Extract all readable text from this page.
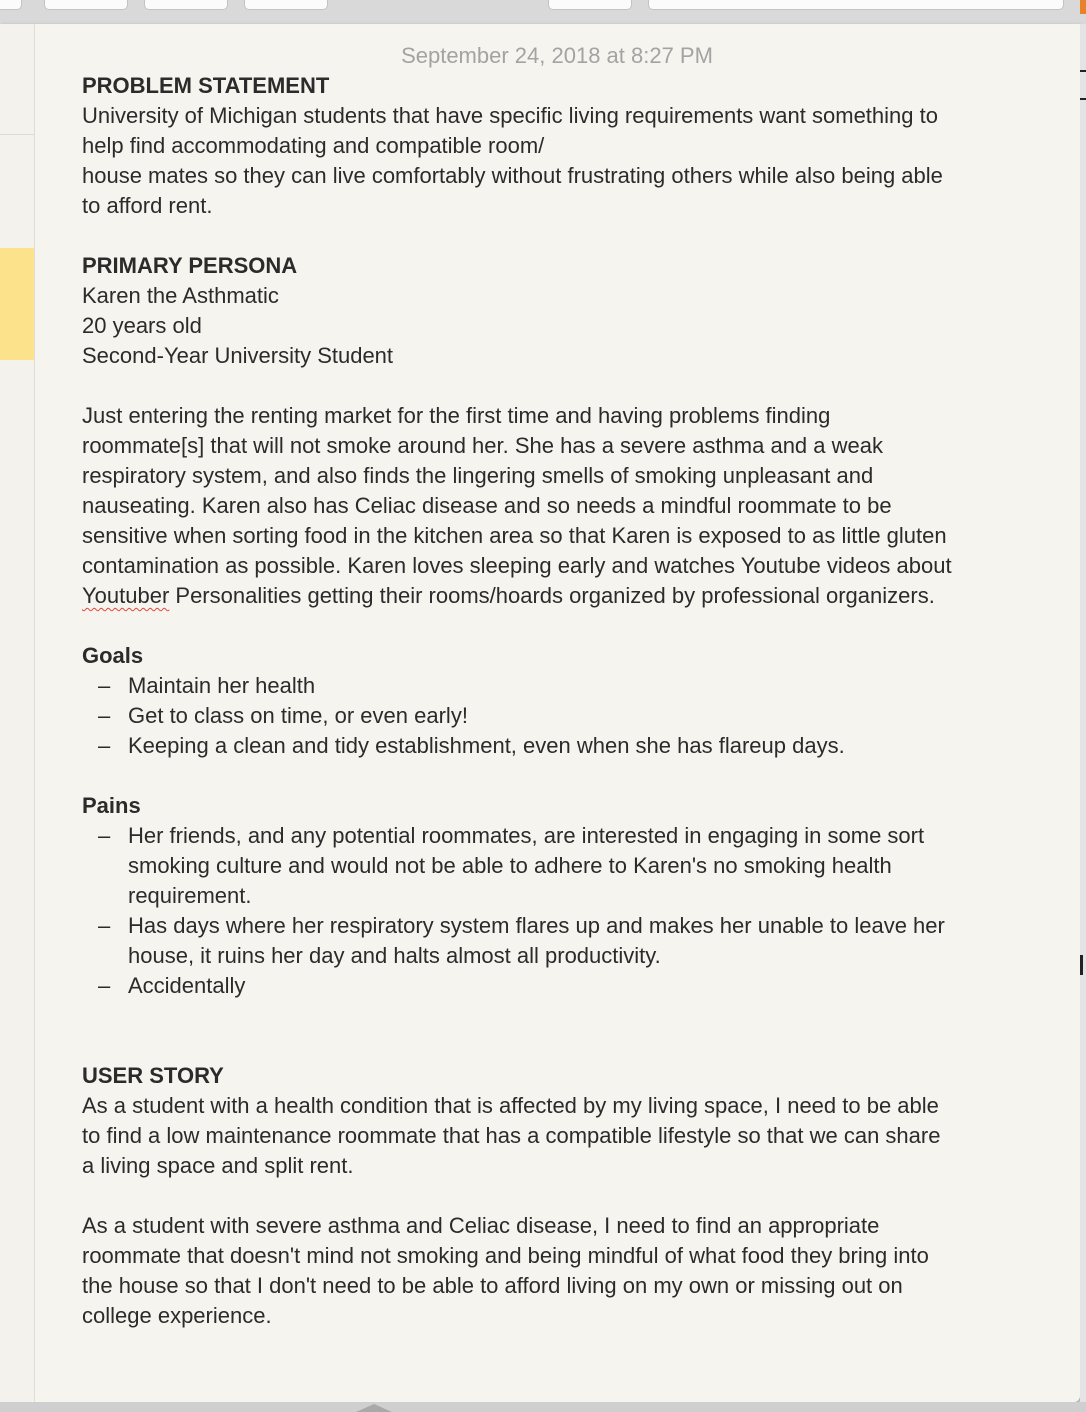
September 24, 2018 at 8:27 PM
PROBLEM STATEMENT
University of Michigan students that have specific living requirements want something to
help find accommodating and compatible room/
house mates so they can live comfortably without frustrating others while also being able
to afford rent.
PRIMARY PERSONA
Karen the Asthmatic
20 years old
Second-Year University Student
Just entering the renting market for the first time and having problems finding
roommate[s] that will not smoke around her. She has a severe asthma and a weak
respiratory system, and also finds the lingering smells of smoking unpleasant and
nauseating. Karen also has Celiac disease and so needs a mindful roommate to be
sensitive when sorting food in the kitchen area so that Karen is exposed to as little gluten
contamination as possible. Karen loves sleeping early and watches Youtube videos about
Youtuber Personalities getting their rooms/hoards organized by professional organizers.
Goals
– Maintain her health
– Get to class on time, or even early!
– Keeping a clean and tidy establishment, even when she has flareup days.
Pains
– Her friends, and any potential roommates, are interested in engaging in some sort
smoking culture and would not be able to adhere to Karen's no smoking health
requirement.
– Has days where her respiratory system flares up and makes her unable to leave her
house, it ruins her day and halts almost all productivity.
– Accidentally
USER STORY
As a student with a health condition that is affected by my living space, I need to be able
to find a low maintenance roommate that has a compatible lifestyle so that we can share
a living space and split rent.
As a student with severe asthma and Celiac disease, I need to find an appropriate
roommate that doesn't mind not smoking and being mindful of what food they bring into
the house so that I don't need to be able to afford living on my own or missing out on
college experience.
